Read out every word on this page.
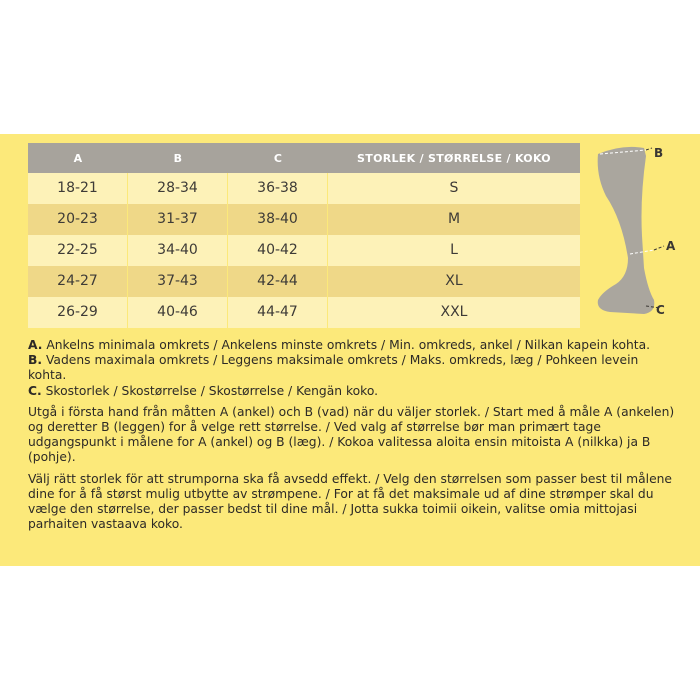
A	B	C	STORLEK / STØRRELSE / KOKO
18-21	28-34	36-38	S
20-23	31-37	38-40	M
22-25	34-40	40-42	L
24-27	37-43	42-44	XL
26-29	40-46	44-47	XXL
B
A
C

A. Ankelns minimala omkrets / Ankelens minste omkrets / Min. omkreds, ankel / Nilkan kapein kohta.

B. Vadens maximala omkrets / Leggens maksimale omkrets / Maks. omkreds, læg / Pohkeen levein kohta.

C. Skostorlek / Skostørrelse / Skostørrelse / Kengän koko.

Utgå i första hand från måtten A (ankel) och B (vad) när du väljer storlek. / Start med å måle A (ankelen) og deretter B (leggen) for å velge rett størrelse. / Ved valg af størrelse bør man primært tage udgangspunkt i målene for A (ankel) og B (læg). / Kokoa valitessa aloita ensin mitoista A (nilkka) ja B (pohje).

Välj rätt storlek för att strumporna ska få avsedd effekt. / Velg den størrelsen som passer best til målene dine for å få størst mulig utbytte av strømpene. / For at få det maksimale ud af dine strømper skal du vælge den størrelse, der passer bedst til dine mål. / Jotta sukka toimii oikein, valitse omia mittojasi parhaiten vastaava koko.
